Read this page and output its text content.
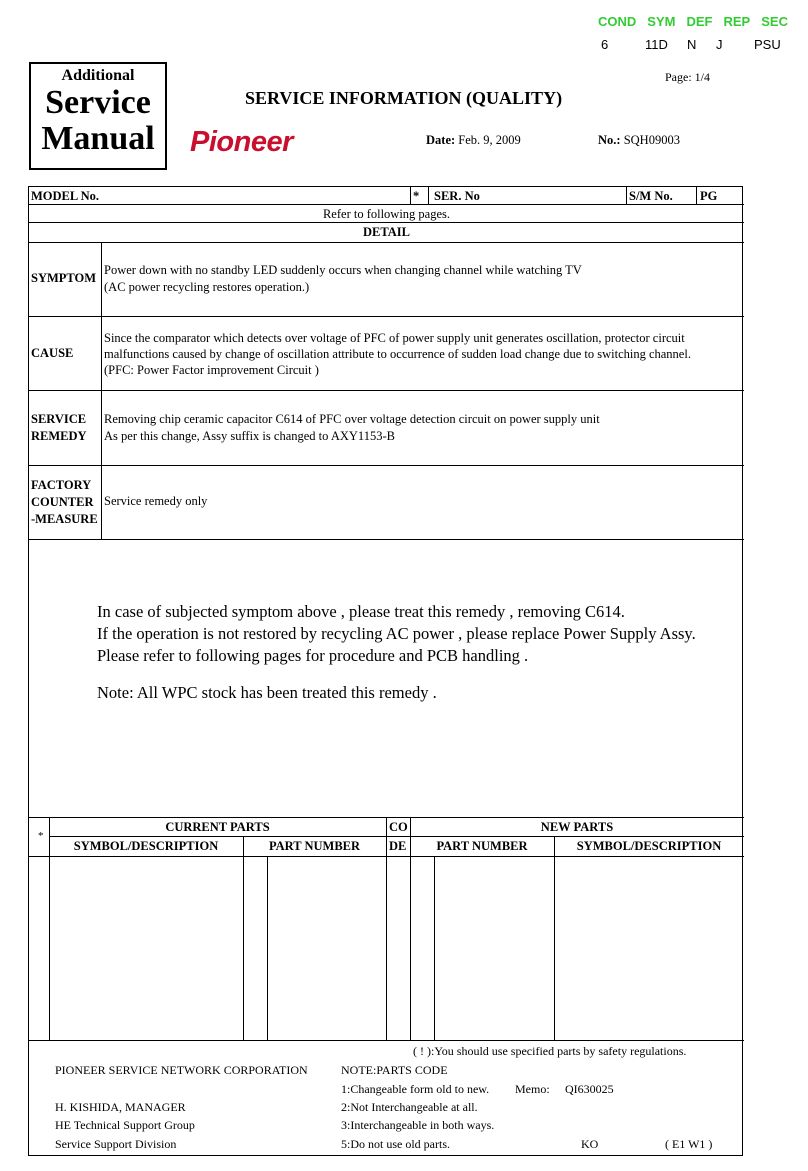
COND SYM DEF REP SEC
6	11D N J PSU
Additional
Service
Manual	Pioneer
SERVICE INFORMATION (QUALITY)
Page: 1/4
Date: Feb. 9, 2009	No.: SQH09003
MODEL No.	* SER. No	S/M No. PG
Refer to following pages.
DETAIL
SYMPTOM
Power down with no standby LED suddenly occurs when changing channel while watching TV
(AC power recycling restores operation.)
CAUSE
Since the comparator which detects over voltage of PFC of power supply unit generates oscillation, protector circuit
malfunctions caused by change of oscillation attribute to occurrence of sudden load change due to switching channel.
(PFC: Power Factor improvement Circuit )
SERVICE
REMEDY
Removing chip ceramic capacitor C614 of PFC over voltage detection circuit on power supply unit
As per this change, Assy suffix is changed to AXY1153-B
FACTORY
COUNTER
-MEASURE
Service remedy only
In case of subjected symptom above , please treat this remedy , removing C614.
If the operation is not restored by recycling AC power , please replace Power Supply Assy.
Please refer to following pages for procedure and PCB handling .
Note: All WPC stock has been treated this remedy .
*
CURRENT PARTS	CO
DE
NEW PARTS
SYMBOL/DESCRIPTION	PART NUMBER	PART NUMBER	SYMBOL/DESCRIPTION
( ! ):You should use specified parts by safety regulations.
PIONEER SERVICE NETWORK CORPORATION
H. KISHIDA, MANAGER
HE Technical Support Group
Service Support Division
NOTE:PARTS CODE
1:Changeable form old to new. Memo: QI630025
2:Not Interchangeable at all.
3:Interchangeable in both ways.
5:Do not use old parts.	KO	( E1 W1 )
